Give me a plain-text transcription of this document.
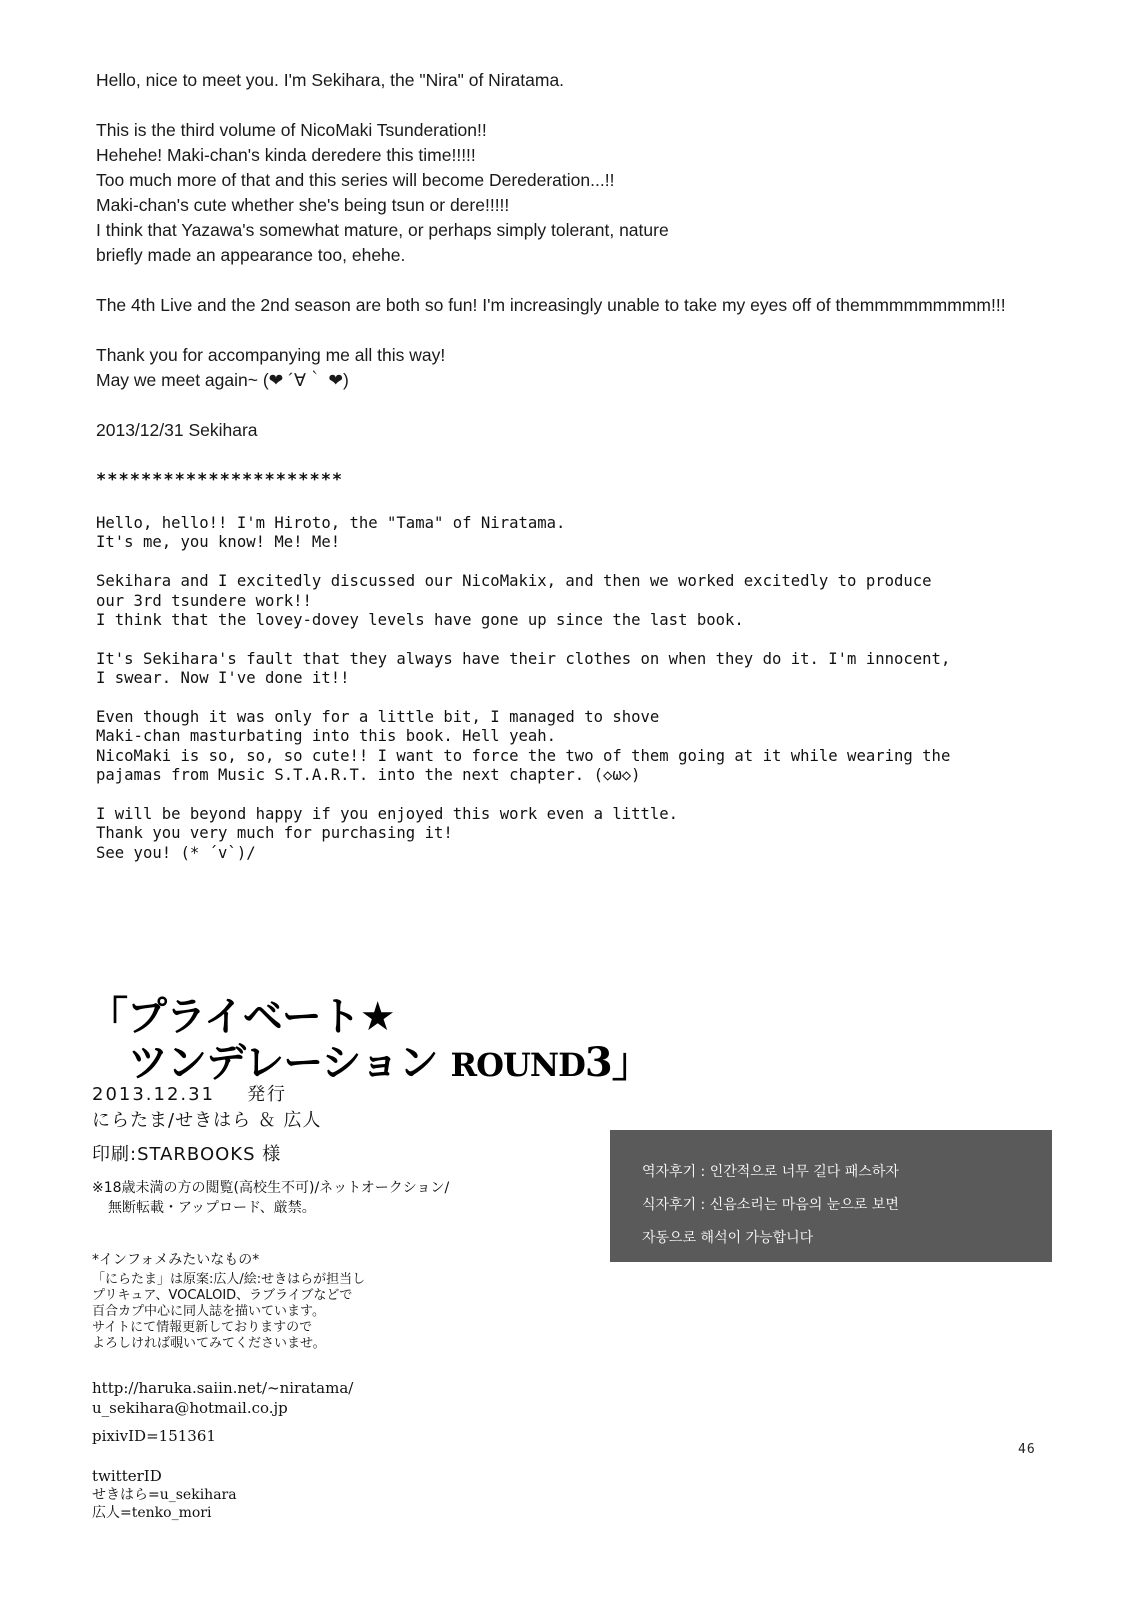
Hello, nice to meet you. I'm Sekihara, the "Nira" of Niratama.
This is the third volume of NicoMaki Tsunderation!!
Hehehe! Maki-chan's kinda deredere this time!!!!!
Too much more of that and this series will become Derederation...!!
Maki-chan's cute whether she's being tsun or dere!!!!!
I think that Yazawa's somewhat mature, or perhaps simply tolerant, nature
briefly made an appearance too, ehehe.
The 4th Live and the 2nd season are both so fun! I'm increasingly unable to take my eyes off of themmmmmmmmm!!!
Thank you for accompanying me all this way!
May we meet again~ (❤ ´∀｀ ❤)
2013/12/31 Sekihara
**********************
Hello, hello!! I'm Hiroto, the "Tama" of Niratama.
It's me, you know! Me! Me!
Sekihara and I excitedly discussed our NicoMakix, and then we worked excitedly to produce
our 3rd tsundere work!!
I think that the lovey-dovey levels have gone up since the last book.
It's Sekihara's fault that they always have their clothes on when they do it. I'm innocent,
I swear. Now I've done it!!
Even though it was only for a little bit, I managed to shove
Maki-chan masturbating into this book. Hell yeah.
NicoMaki is so, so, so cute!! I want to force the two of them going at it while wearing the
pajamas from Music S.T.A.R.T. into the next chapter. (◇ω◇)
I will be beyond happy if you enjoyed this work even a little.
Thank you very much for purchasing it!
See you! (* ´v`)/
「プライベート★
ツンデレーション ROUND3」
2013.12.31 発行
にらたま/せきはら ＆ 広人
印刷:STARBOOKS 様
※18歳未満の方の閲覧(高校生不可)/ネットオークション/
無断転載・アップロード、厳禁。
*インフォメみたいなもの*
「にらたま」は原案:広人/絵:せきはらが担当し
プリキュア、VOCALOID、ラブライブなどで
百合カプ中心に同人誌を描いています。
サイトにて情報更新しておりますので
よろしければ覗いてみてくださいませ。
http://haruka.saiin.net/~niratama/
u_sekihara@hotmail.co.jp
pixivID=151361
twitterID
せきはら=u_sekihara
広人=tenko_mori
역자후기 : 인간적으로 너무 길다 패스하자
식자후기 : 신음소리는 마음의 눈으로 보면
자동으로 해석이 가능합니다
46
